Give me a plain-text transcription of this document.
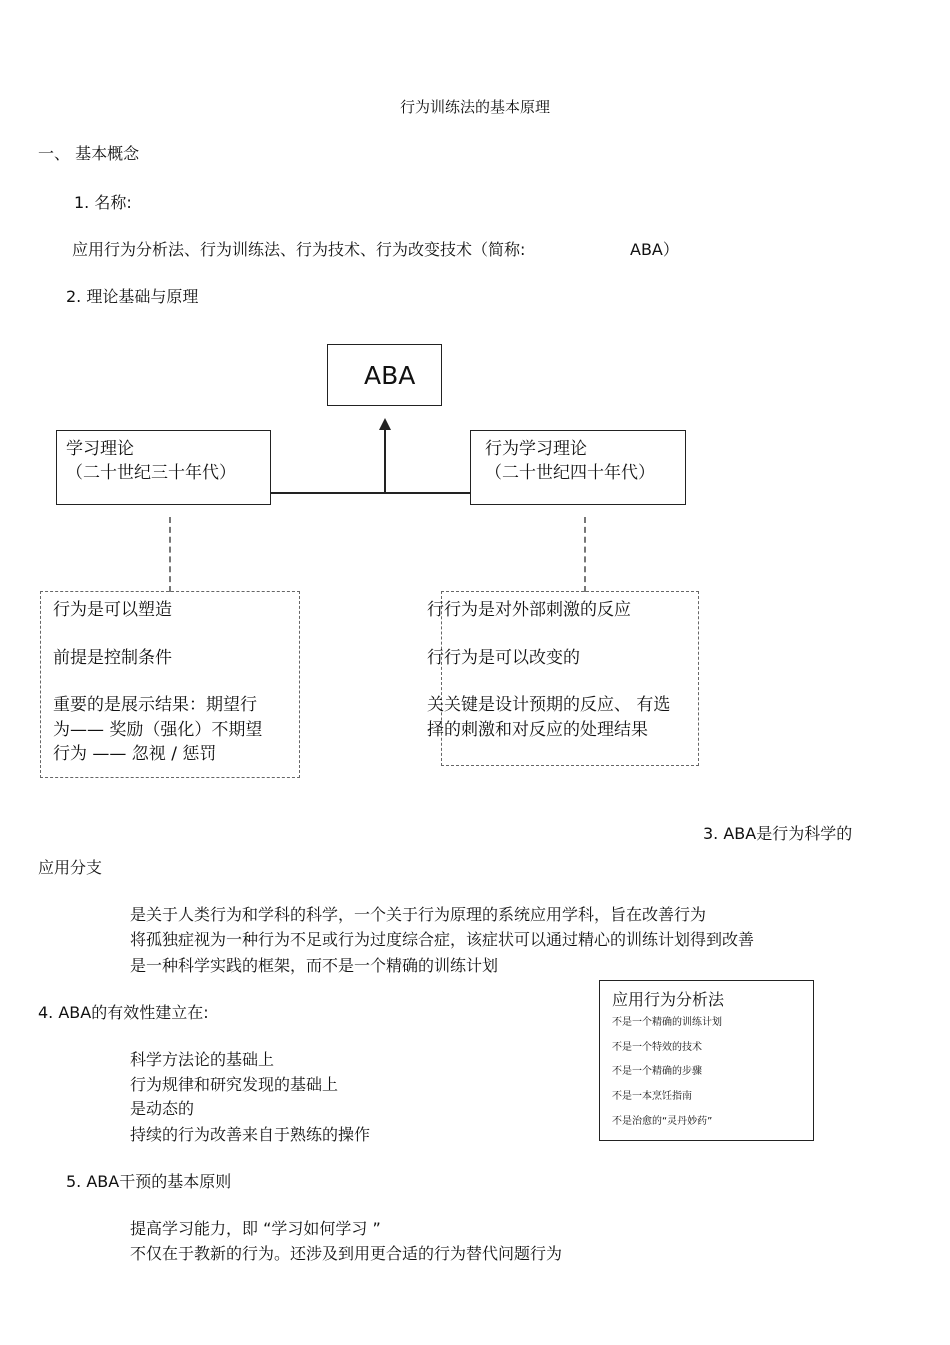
行为训练法的基本原理
一、 基本概念
1. 名称:
应用行为分析法、行为训练法、行为技术、行为改变技术（简称:	ABA）
2. 理论基础与原理
ABA
学习理论
（二十世纪三十年代）
行为学习理论
（二十世纪四十年代）
行为是可以塑造
前提是控制条件
重要的是展示结果：期望行
为—— 奖励（强化）不期望
行为 —— 忽视 / 惩罚
行行为是对外部刺激的反应
行行为是可以改变的
关关键是设计预期的反应、 有选
择的刺激和对反应的处理结果
3. ABA是行为科学的
应用分支
是关于人类行为和学科的科学，一个关于行为原理的系统应用学科，旨在改善行为
将孤独症视为一种行为不足或行为过度综合症，该症状可以通过精心的训练计划得到改善
是一种科学实践的框架，而不是一个精确的训练计划
4. ABA的有效性建立在:
科学方法论的基础上
行为规律和研究发现的基础上
是动态的
持续的行为改善来自于熟练的操作
应用行为分析法
不是一个精确的训练计划
不是一个特效的技术
不是一个精确的步骤
不是一本烹饪指南
不是治愈的“灵丹妙药”
5. ABA干预的基本原则
提高学习能力，即 “学习如何学习 ”
不仅在于教新的行为。还涉及到用更合适的行为替代问题行为
